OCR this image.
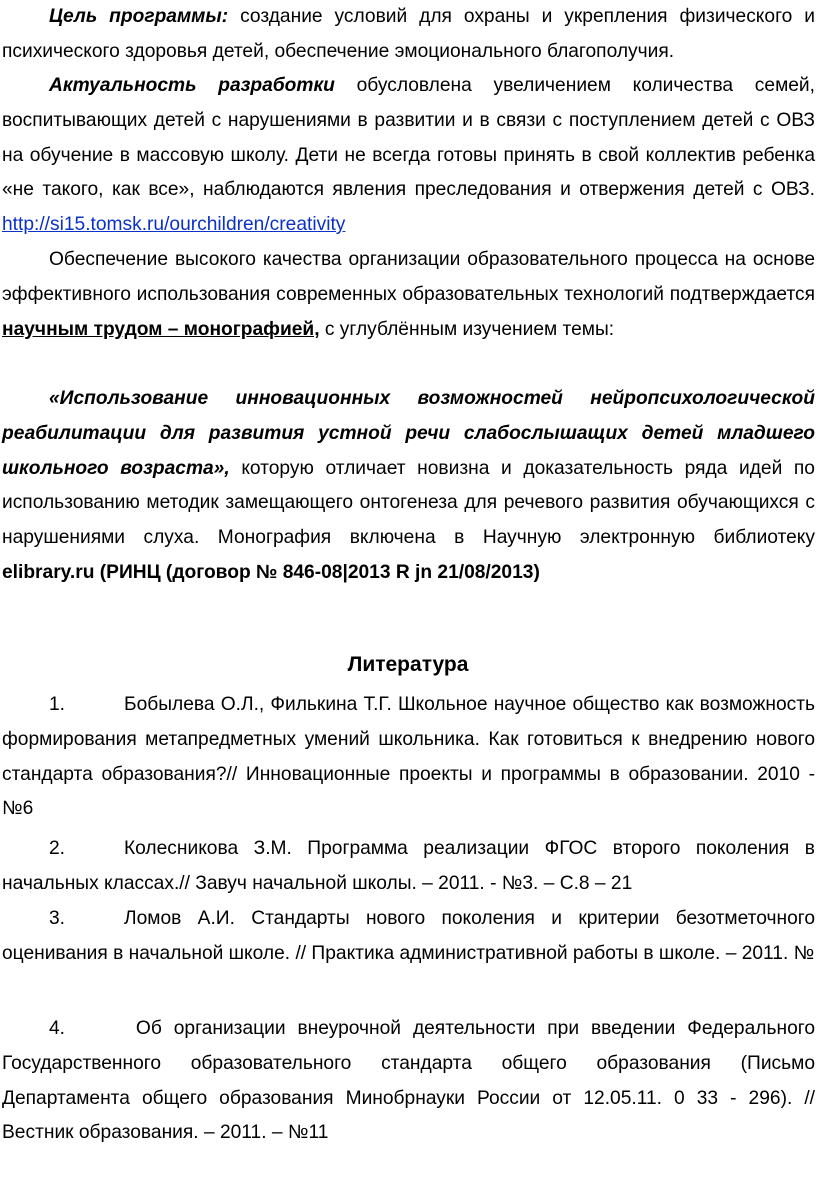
Цель программы: создание условий для охраны и укрепления физического и психического здоровья детей, обеспечение эмоционального благополучия.

Актуальность разработки обусловлена увеличением количества семей, воспитывающих детей с нарушениями в развитии и в связи с поступлением детей с ОВЗ на обучение в массовую школу. Дети не всегда готовы принять в свой коллектив ребенка «не такого, как все», наблюдаются явления преследования и отвержения детей с ОВЗ. http://si15.tomsk.ru/ourchildren/creativity

Обеспечение высокого качества организации образовательного процесса на основе эффективного использования современных образовательных технологий подтверждается научным трудом – монографией, с углублённым изучением темы:

«Использование инновационных возможностей нейропсихологической реабилитации для развития устной речи слабослышащих детей младшего школьного возраста», которую отличает новизна и доказательность ряда идей по использованию методик замещающего онтогенеза для речевого развития обучающихся с нарушениями слуха. Монография включена в Научную электронную библиотеку elibrary.ru (РИНЦ (договор № 846-08|2013 R jn 21/08/2013)

Литература

1.	Бобылева О.Л., Филькина Т.Г. Школьное научное общество как возможность формирования метапредметных умений школьника. Как готовиться к внедрению нового стандарта образования?// Инновационные проекты и программы в образовании. 2010 - №6

2.	Колесникова З.М. Программа реализации ФГОС второго поколения в начальных классах.// Завуч начальной школы. – 2011. - №3. – С.8 – 21

3.	Ломов А.И. Стандарты нового поколения и критерии безотметочного оценивания в начальной школе. // Практика административной работы в школе. – 2011. №

4.	Об организации внеурочной деятельности при введении Федерального Государственного образовательного стандарта общего образования (Письмо Департамента общего образования Минобрнауки России от 12.05.11. 0 33 - 296). // Вестник образования. – 2011. – №11
